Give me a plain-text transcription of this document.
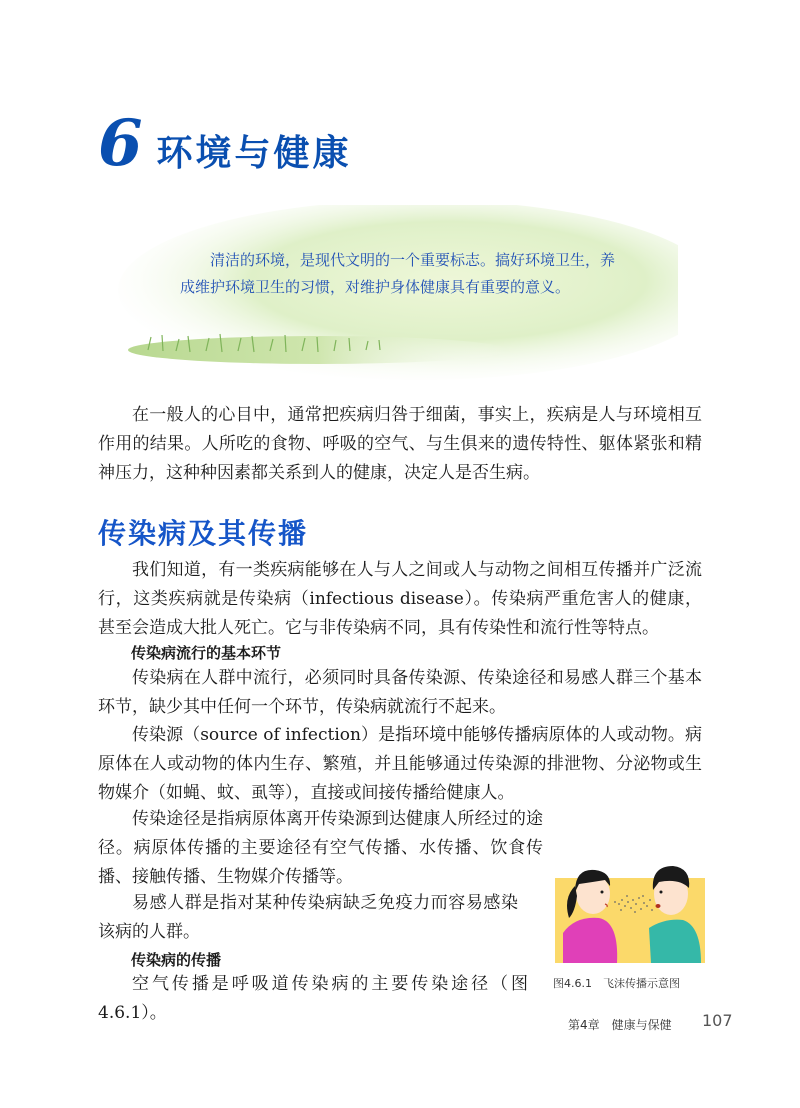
6 环境与健康

清洁的环境，是现代文明的一个重要标志。搞好环境卫生，养成维护环境卫生的习惯，对维护身体健康具有重要的意义。

在一般人的心目中，通常把疾病归咎于细菌，事实上，疾病是人与环境相互作用的结果。人所吃的食物、呼吸的空气、与生俱来的遗传特性、躯体紧张和精神压力，这种种因素都关系到人的健康，决定人是否生病。

传染病及其传播

我们知道，有一类疾病能够在人与人之间或人与动物之间相互传播并广泛流行，这类疾病就是传染病（infectious disease）。传染病严重危害人的健康，甚至会造成大批人死亡。它与非传染病不同，具有传染性和流行性等特点。

传染病流行的基本环节

传染病在人群中流行，必须同时具备传染源、传染途径和易感人群三个基本环节，缺少其中任何一个环节，传染病就流行不起来。

传染源（source of infection）是指环境中能够传播病原体的人或动物。病原体在人或动物的体内生存、繁殖，并且能够通过传染源的排泄物、分泌物或生物媒介（如蝇、蚊、虱等），直接或间接传播给健康人。

传染途径是指病原体离开传染源到达健康人所经过的途径。病原体传播的主要途径有空气传播、水传播、饮食传播、接触传播、生物媒介传播等。

易感人群是指对某种传染病缺乏免疫力而容易感染该病的人群。

传染病的传播

空气传播是呼吸道传染病的主要传染途径（图4.6.1）。

图4.6.1　飞沫传播示意图

第4章　健康与保健 107
